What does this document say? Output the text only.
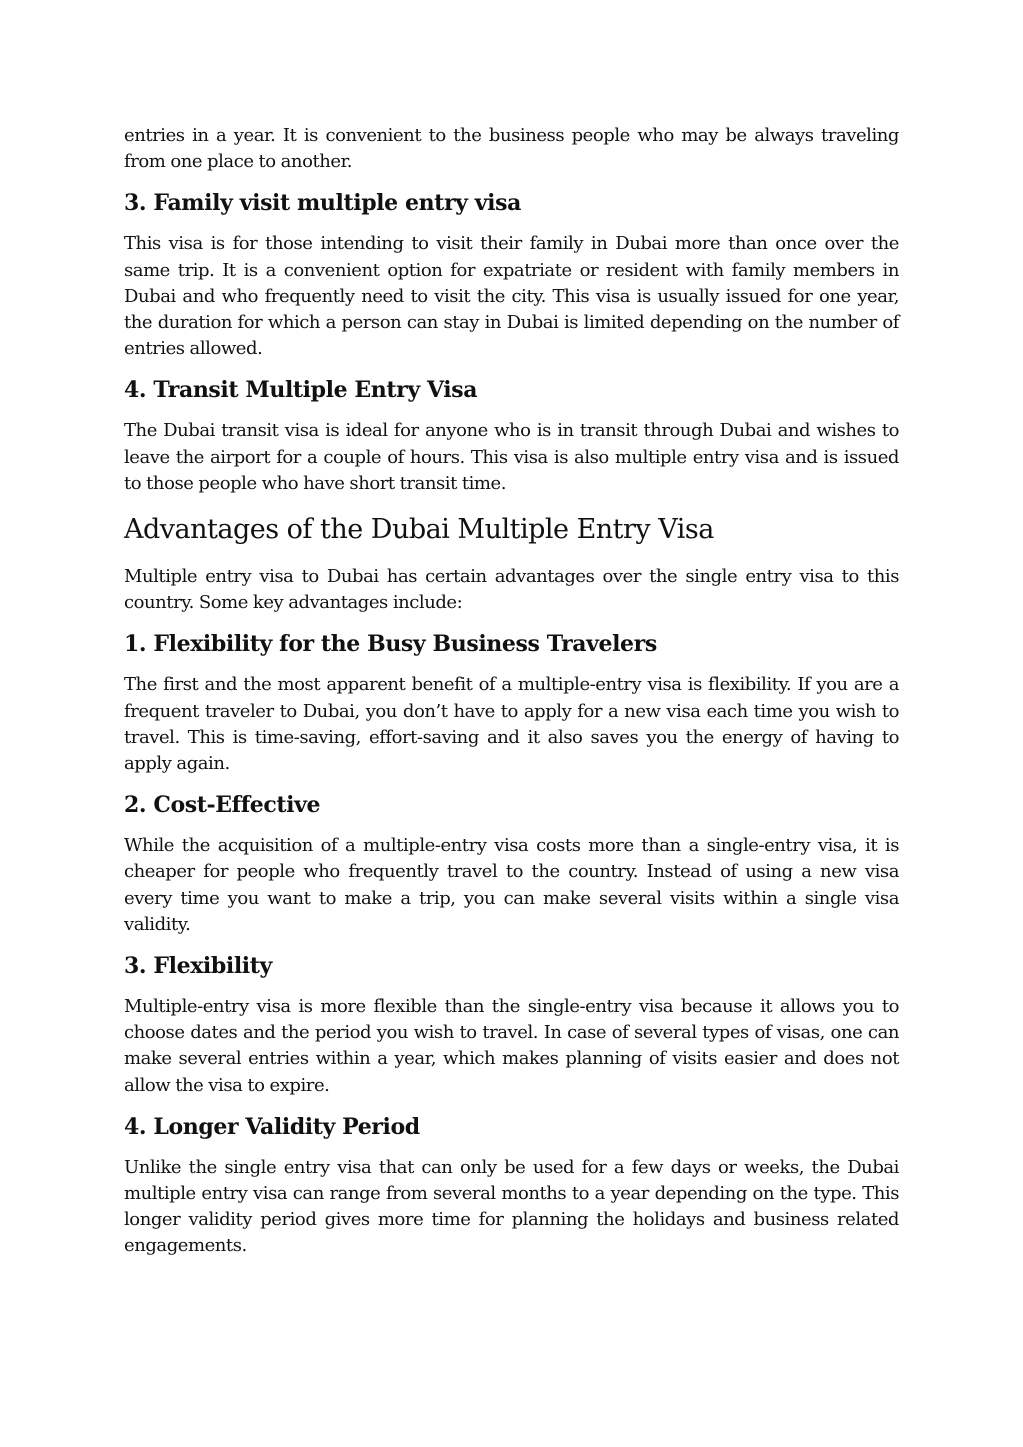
entries in a year. It is convenient to the business people who may be always traveling from one place to another.

3. Family visit multiple entry visa

This visa is for those intending to visit their family in Dubai more than once over the same trip. It is a convenient option for expatriate or resident with family members in Dubai and who frequently need to visit the city. This visa is usually issued for one year, the duration for which a person can stay in Dubai is limited depending on the number of entries allowed.

4. Transit Multiple Entry Visa

The Dubai transit visa is ideal for anyone who is in transit through Dubai and wishes to leave the airport for a couple of hours. This visa is also multiple entry visa and is issued to those people who have short transit time.

Advantages of the Dubai Multiple Entry Visa

Multiple entry visa to Dubai has certain advantages over the single entry visa to this country. Some key advantages include:

1. Flexibility for the Busy Business Travelers

The first and the most apparent benefit of a multiple-entry visa is flexibility. If you are a frequent traveler to Dubai, you don’t have to apply for a new visa each time you wish to travel. This is time-saving, effort-saving and it also saves you the energy of having to apply again.

2. Cost-Effective

While the acquisition of a multiple-entry visa costs more than a single-entry visa, it is cheaper for people who frequently travel to the country. Instead of using a new visa every time you want to make a trip, you can make several visits within a single visa validity.

3. Flexibility

Multiple-entry visa is more flexible than the single-entry visa because it allows you to choose dates and the period you wish to travel. In case of several types of visas, one can make several entries within a year, which makes planning of visits easier and does not allow the visa to expire.

4. Longer Validity Period

Unlike the single entry visa that can only be used for a few days or weeks, the Dubai multiple entry visa can range from several months to a year depending on the type. This longer validity period gives more time for planning the holidays and business related engagements.
